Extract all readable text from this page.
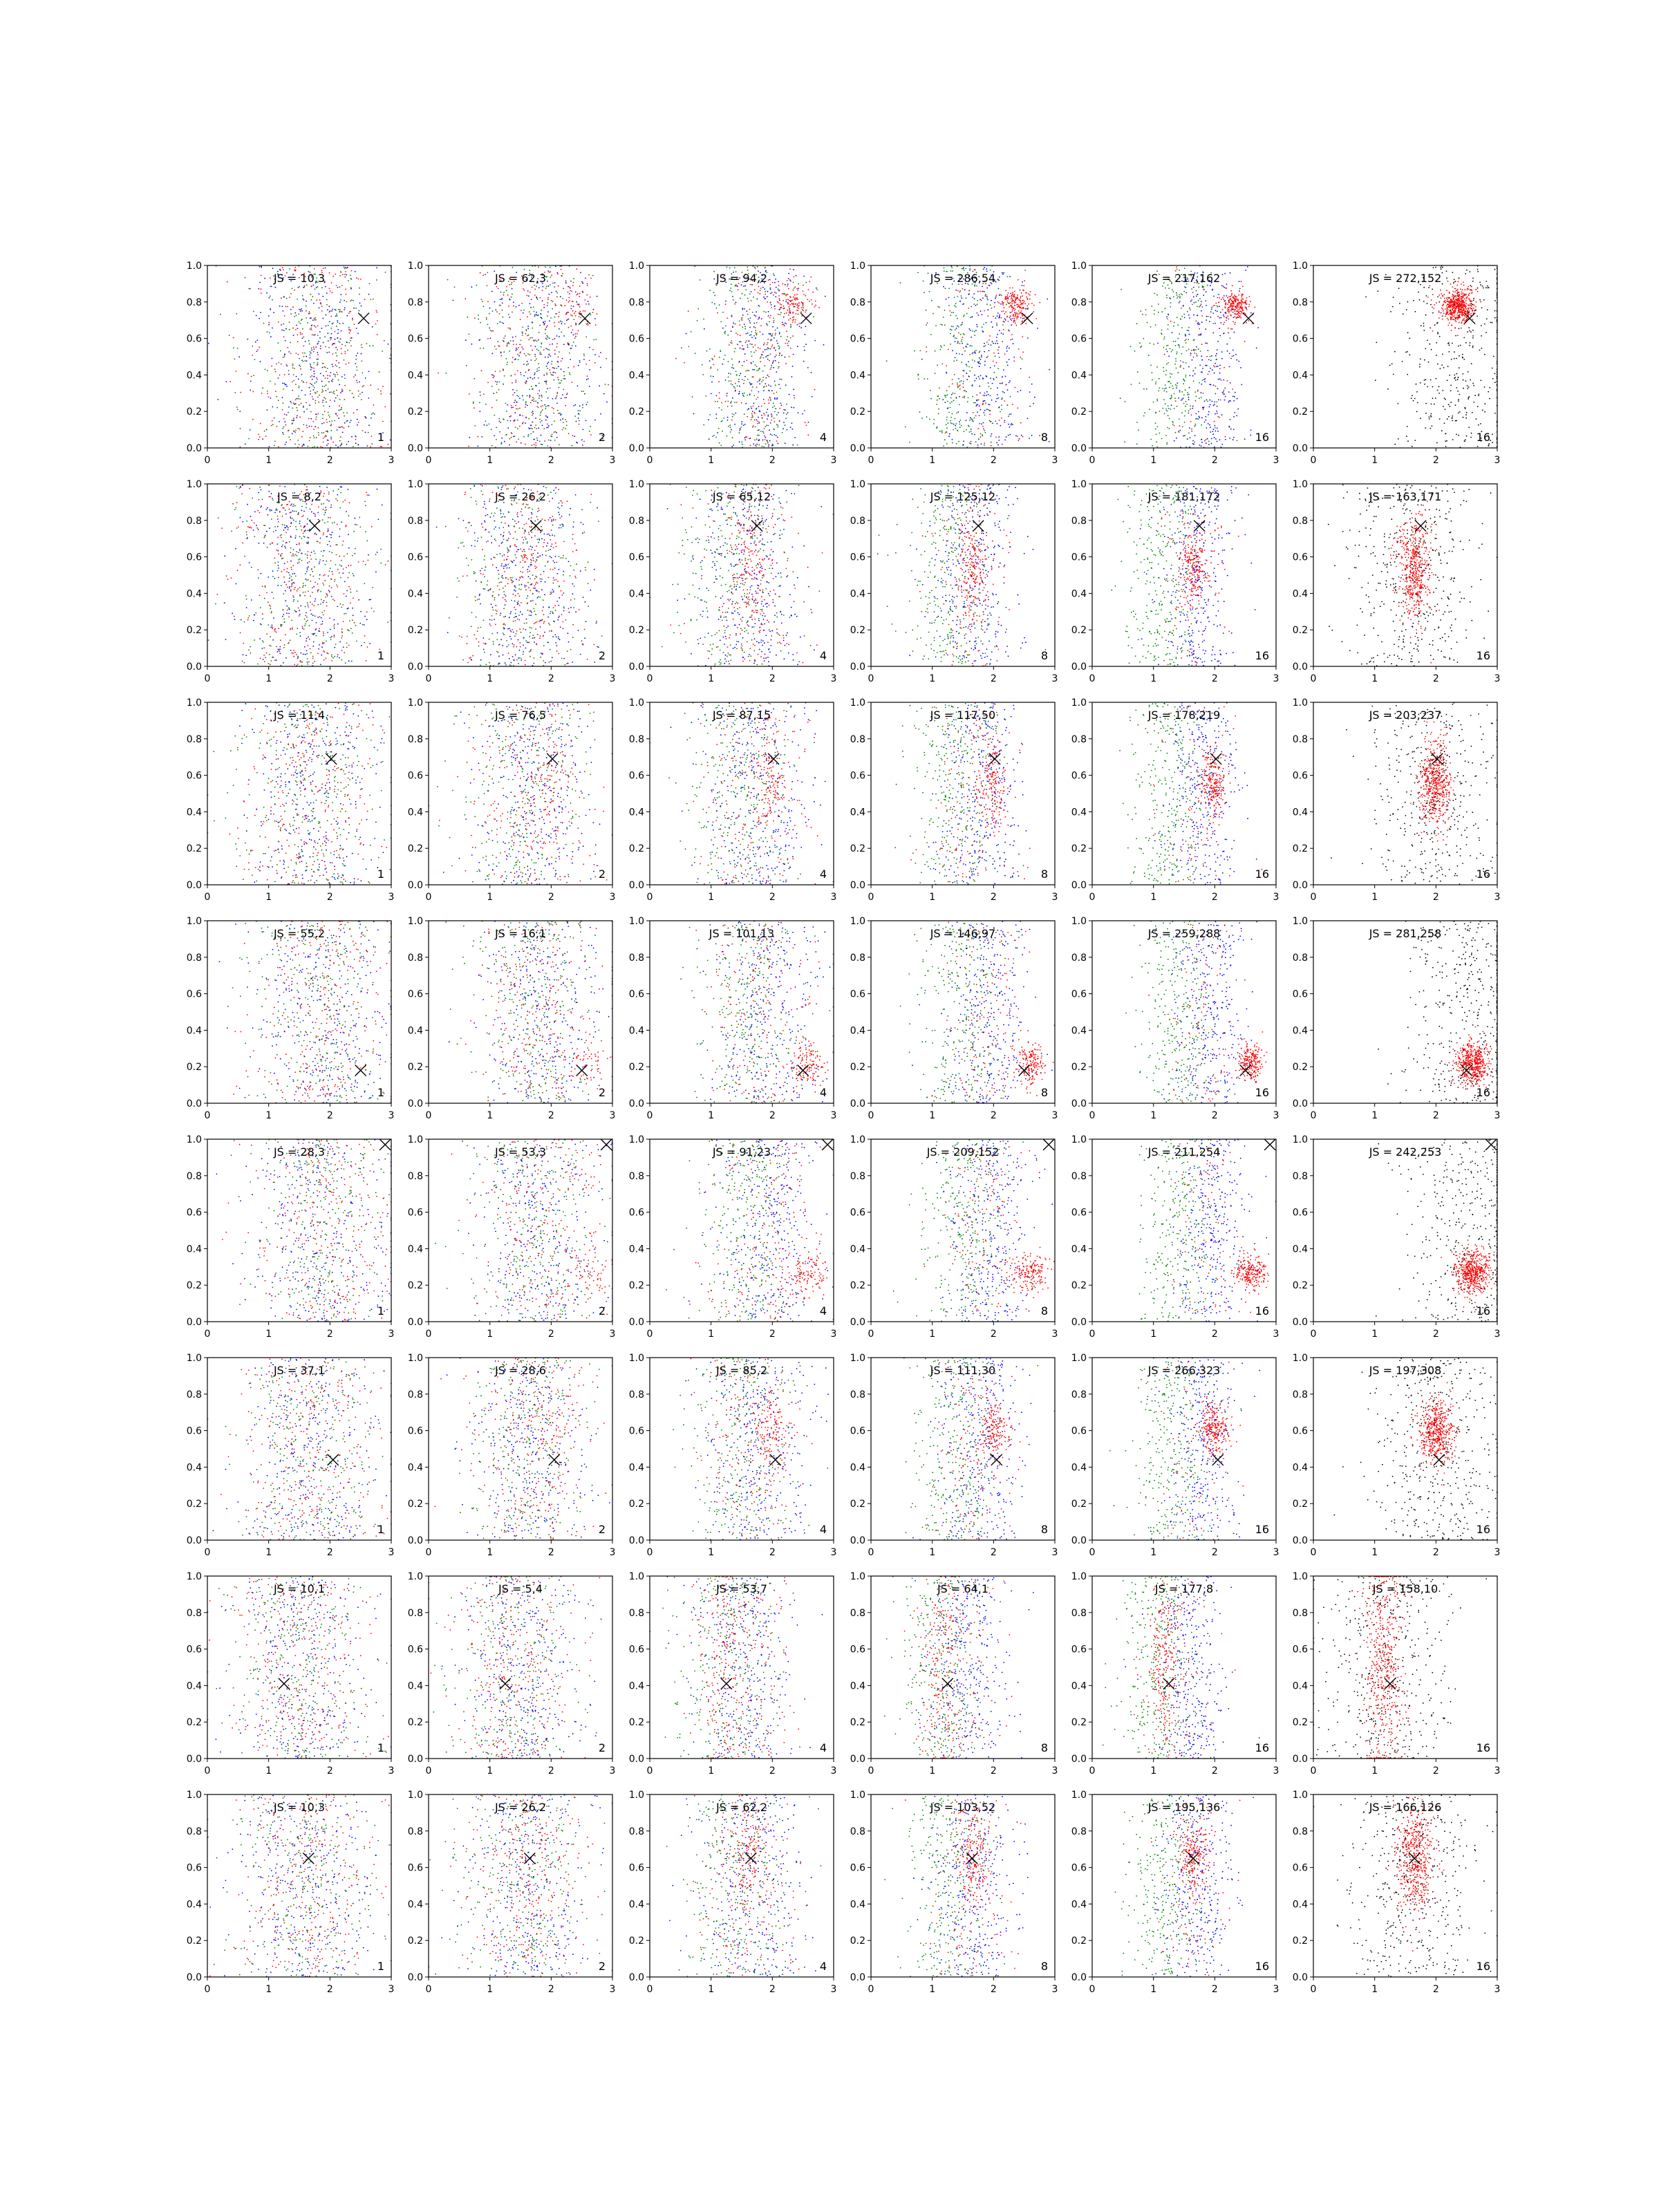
0	1	2	3
0.0
0.2
0.4
0.6
0.8
1.0
JS = 10,3
1
0	1	2	3
0.0
0.2
0.4
0.6
0.8
1.0
JS = 62,3
2
0	1	2	3
0.0
0.2
0.4
0.6
0.8
1.0
JS = 94,2
4
0	1	2	3
0.0
0.2
0.4
0.6
0.8
1.0
JS = 286,54
8
0	1	2	3
0.0
0.2
0.4
0.6
0.8
1.0
JS = 217,162
16
0	1	2	3
0.0
0.2
0.4
0.6
0.8
1.0
JS = 272,152
16
0	1	2	3
0.0
0.2
0.4
0.6
0.8
1.0
JS = 8,2
1
0	1	2	3
0.0
0.2
0.4
0.6
0.8
1.0
JS = 26,2
2
0	1	2	3
0.0
0.2
0.4
0.6
0.8
1.0
JS = 65,12
4
0	1	2	3
0.0
0.2
0.4
0.6
0.8
1.0
JS = 125,12
8
0	1	2	3
0.0
0.2
0.4
0.6
0.8
1.0
JS = 181,172
16
0	1	2	3
0.0
0.2
0.4
0.6
0.8
1.0
JS = 163,171
16
0	1	2	3
0.0
0.2
0.4
0.6
0.8
1.0
JS = 11,4
1
0	1	2	3
0.0
0.2
0.4
0.6
0.8
1.0
JS = 76,5
2
0	1	2	3
0.0
0.2
0.4
0.6
0.8
1.0
JS = 87,15
4
0	1	2	3
0.0
0.2
0.4
0.6
0.8
1.0
JS = 117,50
8
0	1	2	3
0.0
0.2
0.4
0.6
0.8
1.0
JS = 178,219
16
0	1	2	3
0.0
0.2
0.4
0.6
0.8
1.0
JS = 203,237
16
0	1	2	3
0.0
0.2
0.4
0.6
0.8
1.0
JS = 55,2
1
0	1	2	3
0.0
0.2
0.4
0.6
0.8
1.0
JS = 16,1
2
0	1	2	3
0.0
0.2
0.4
0.6
0.8
1.0
JS = 101,13
4
0	1	2	3
0.0
0.2
0.4
0.6
0.8
1.0
JS = 146,97
8
0	1	2	3
0.0
0.2
0.4
0.6
0.8
1.0
JS = 259,288
16
0	1	2	3
0.0
0.2
0.4
0.6
0.8
1.0
JS = 281,258
16
0	1	2	3
0.0
0.2
0.4
0.6
0.8
1.0
JS = 28,3
1
0	1	2	3
0.0
0.2
0.4
0.6
0.8
1.0
JS = 53,3
2
0	1	2	3
0.0
0.2
0.4
0.6
0.8
1.0
JS = 91,23
4
0	1	2	3
0.0
0.2
0.4
0.6
0.8
1.0
JS = 209,152
8
0	1	2	3
0.0
0.2
0.4
0.6
0.8
1.0
JS = 211,254
16
0	1	2	3
0.0
0.2
0.4
0.6
0.8
1.0
JS = 242,253
16
0	1	2	3
0.0
0.2
0.4
0.6
0.8
1.0
JS = 37,1
1
0	1	2	3
0.0
0.2
0.4
0.6
0.8
1.0
JS = 28,6
2
0	1	2	3
0.0
0.2
0.4
0.6
0.8
1.0
JS = 85,2
4
0	1	2	3
0.0
0.2
0.4
0.6
0.8
1.0
JS = 111,30
8
0	1	2	3
0.0
0.2
0.4
0.6
0.8
1.0
JS = 266,323
16
0	1	2	3
0.0
0.2
0.4
0.6
0.8
1.0
JS = 197,308
16
0	1	2	3
0.0
0.2
0.4
0.6
0.8
1.0
JS = 10,1
1
0	1	2	3
0.0
0.2
0.4
0.6
0.8
1.0
JS = 5,4
2
0	1	2	3
0.0
0.2
0.4
0.6
0.8
1.0
JS = 53,7
4
0	1	2	3
0.0
0.2
0.4
0.6
0.8
1.0
JS = 64,1
8
0	1	2	3
0.0
0.2
0.4
0.6
0.8
1.0
JS = 177,8
16
0	1	2	3
0.0
0.2
0.4
0.6
0.8
1.0
JS = 158,10
16
0	1	2	3
0.0
0.2
0.4
0.6
0.8
1.0
JS = 10,3
1
0	1	2	3
0.0
0.2
0.4
0.6
0.8
1.0
JS = 26,2
2
0	1	2	3
0.0
0.2
0.4
0.6
0.8
1.0
JS = 62,2
4
0	1	2	3
0.0
0.2
0.4
0.6
0.8
1.0
JS = 103,52
8
0	1	2	3
0.0
0.2
0.4
0.6
0.8
1.0
JS = 195,136
16
0	1	2	3
0.0
0.2
0.4
0.6
0.8
1.0
JS = 166,126
16
